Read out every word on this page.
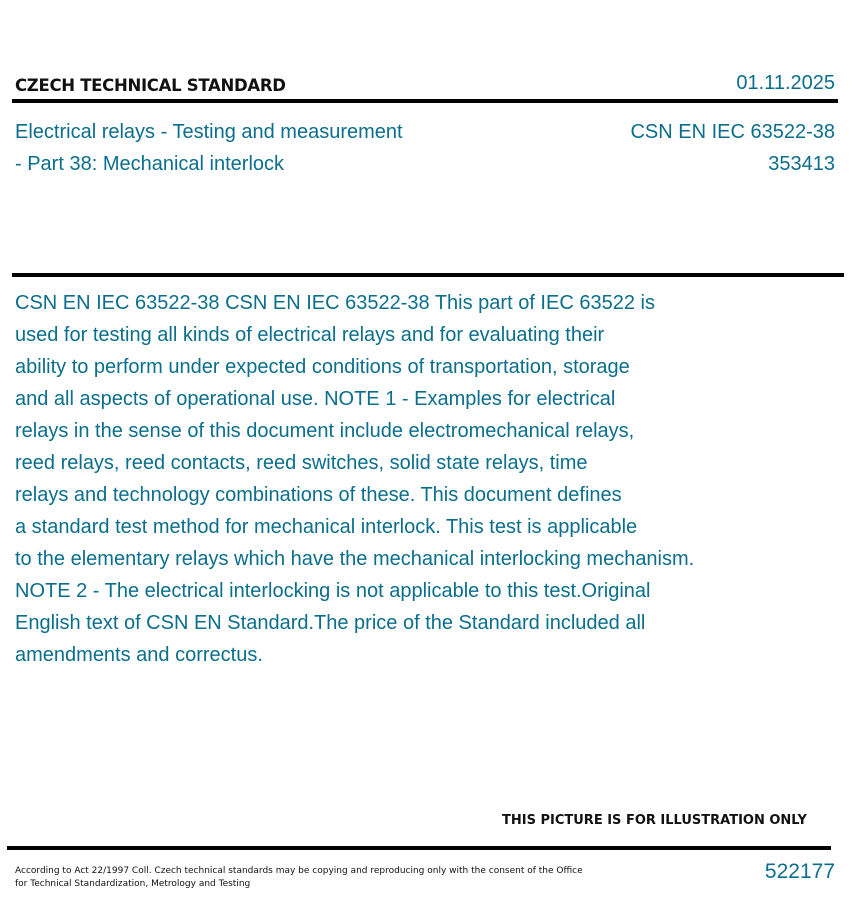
CZECH TECHNICAL STANDARD	01.11.2025
Electrical relays - Testing and measurement
- Part 38: Mechanical interlock
CSN EN IEC 63522-38
353413
CSN EN IEC 63522-38 CSN EN IEC 63522-38 This part of IEC 63522 is
used for testing all kinds of electrical relays and for evaluating their
ability to perform under expected conditions of transportation, storage
and all aspects of operational use. NOTE 1 - Examples for electrical
relays in the sense of this document include electromechanical relays,
reed relays, reed contacts, reed switches, solid state relays, time
relays and technology combinations of these. This document defines
a standard test method for mechanical interlock. This test is applicable
to the elementary relays which have the mechanical interlocking mechanism.
NOTE 2 - The electrical interlocking is not applicable to this test.Original
English text of CSN EN Standard.The price of the Standard included all
amendments and correctus.
THIS PICTURE IS FOR ILLUSTRATION ONLY
According to Act 22/1997 Coll. Czech technical standards may be copying and reproducing only with the consent of the Office
for Technical Standardization, Metrology and Testing
522177
